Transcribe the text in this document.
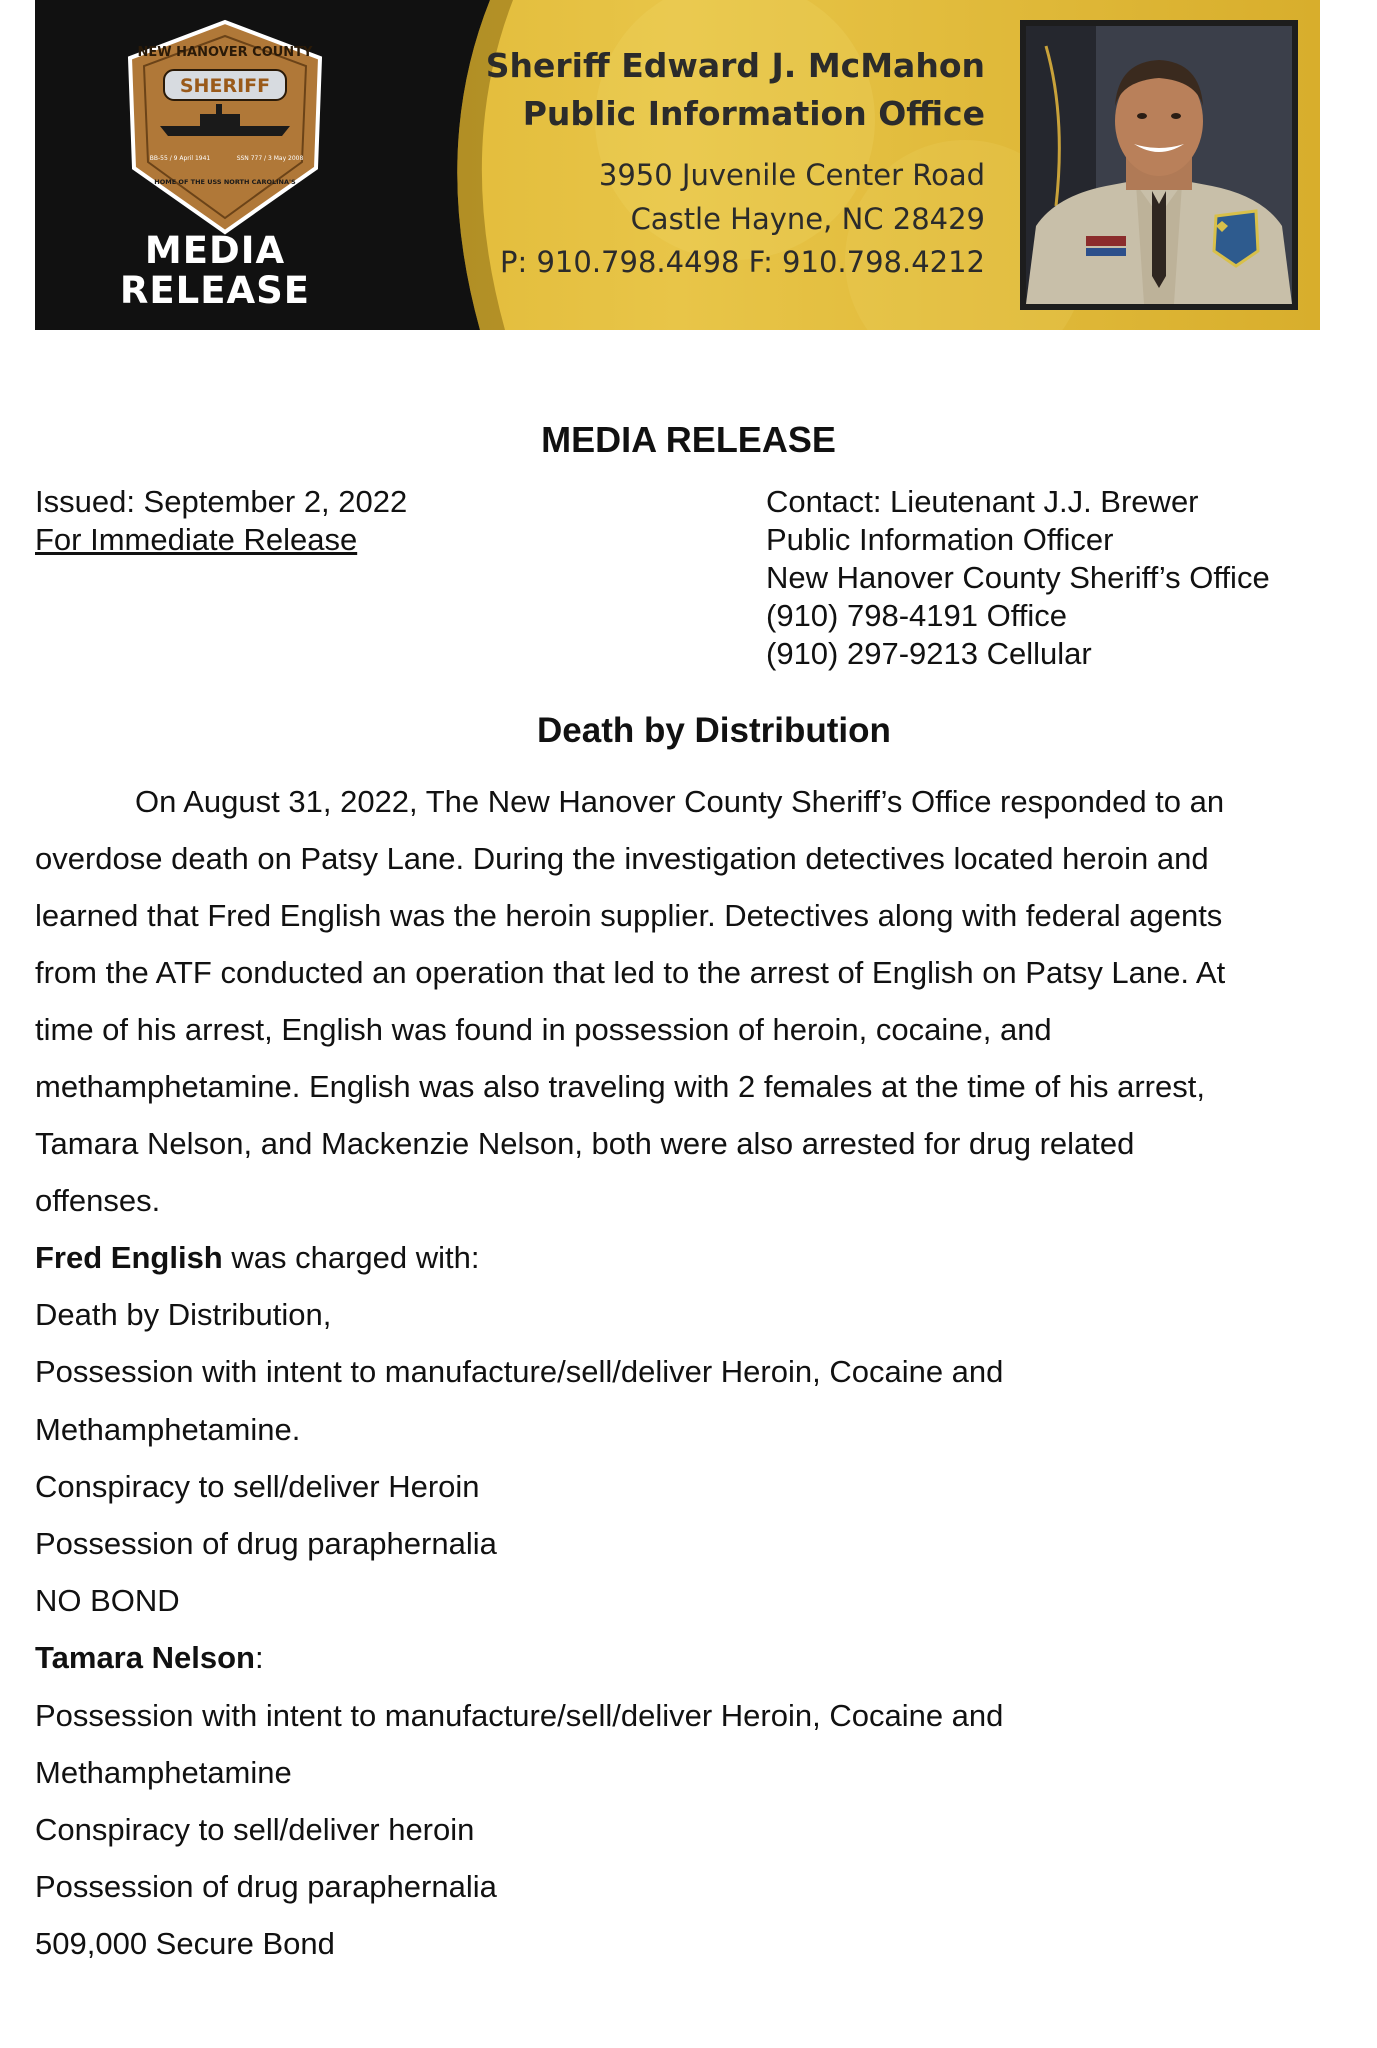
NEW HANOVER COUNTY
SHERIFF
BB-55 / 9 April 1941	SSN 777 / 3 May 2008
HOME OF THE USS NORTH CAROLINA'S
MEDIA
RELEASE
Sheriff Edward J. McMahon
Public Information Office
3950 Juvenile Center Road
Castle Hayne, NC 28429
P: 910.798.4498 F: 910.798.4212
MEDIA RELEASE
Issued: September 2, 2022
For Immediate Release
Contact: Lieutenant J.J. Brewer
Public Information Officer
New Hanover County Sheriff’s Office
(910) 798-4191 Office
(910) 297-9213 Cellular
Death by Distribution
On August 31, 2022, The New Hanover County Sheriff’s Office responded to an
overdose death on Patsy Lane. During the investigation detectives located heroin and
learned that Fred English was the heroin supplier. Detectives along with federal agents
from the ATF conducted an operation that led to the arrest of English on Patsy Lane. At
time of his arrest, English was found in possession of heroin, cocaine, and
methamphetamine. English was also traveling with 2 females at the time of his arrest,
Tamara Nelson, and Mackenzie Nelson, both were also arrested for drug related
offenses.
Fred English was charged with:
Death by Distribution,
Possession with intent to manufacture/sell/deliver Heroin, Cocaine and
Methamphetamine.
Conspiracy to sell/deliver Heroin
Possession of drug paraphernalia
NO BOND
Tamara Nelson:
Possession with intent to manufacture/sell/deliver Heroin, Cocaine and
Methamphetamine
Conspiracy to sell/deliver heroin
Possession of drug paraphernalia
509,000 Secure Bond
